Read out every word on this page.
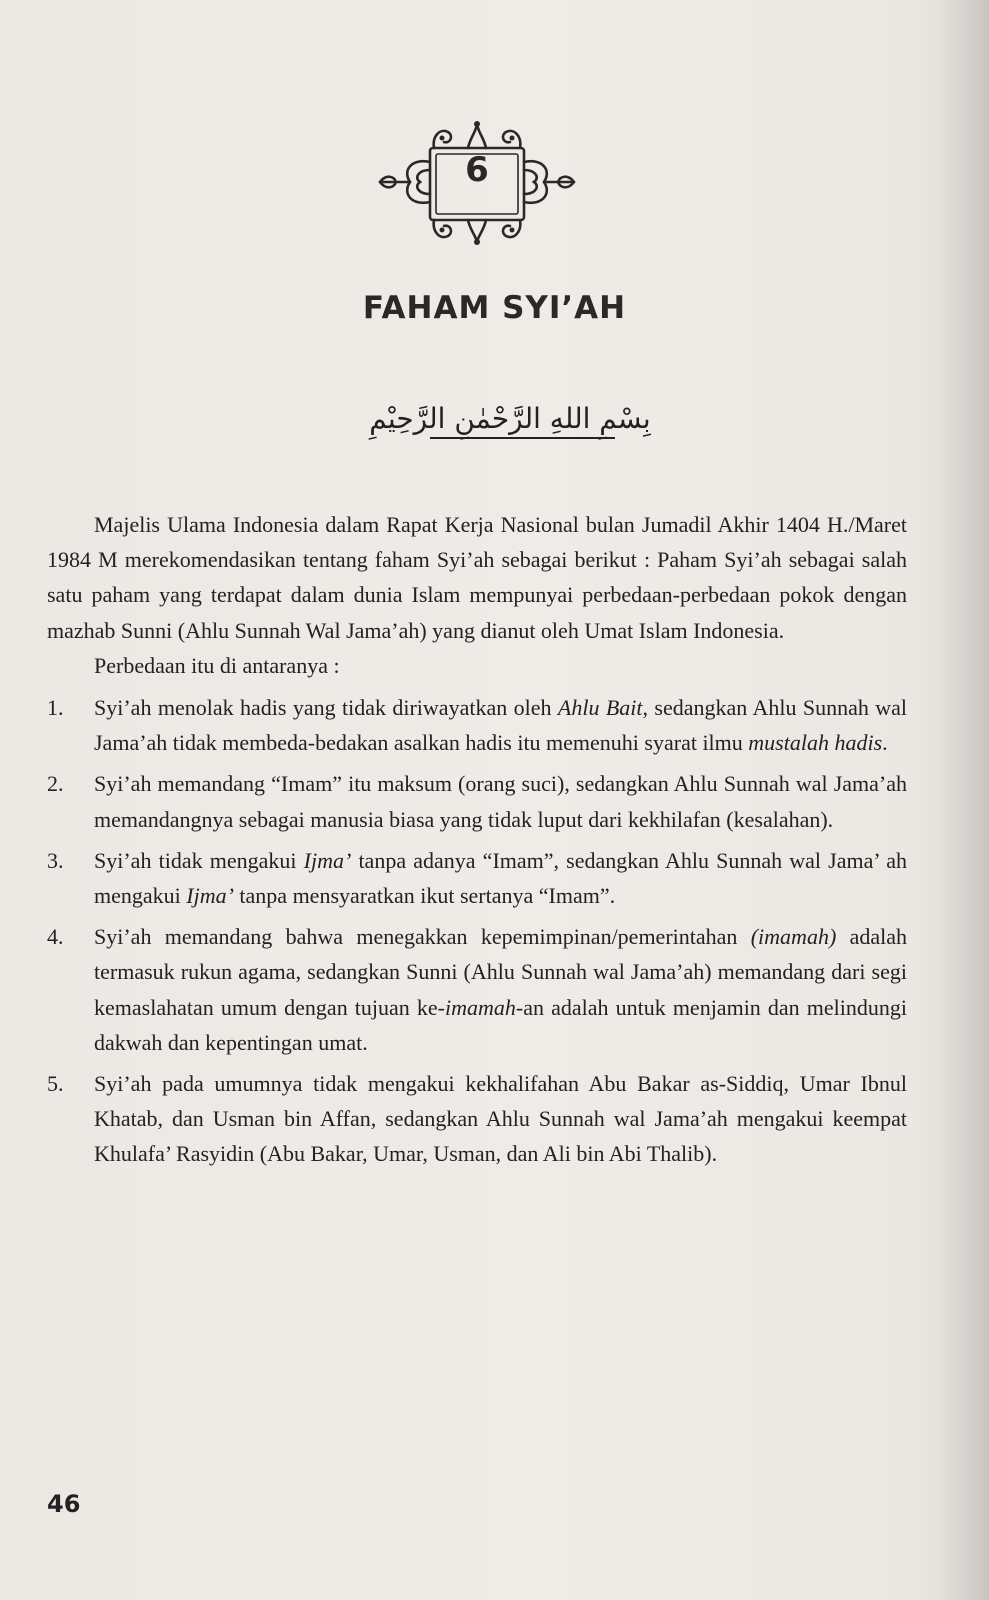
6
FAHAM SYI’AH
بِسْمِ اللهِ الرَّحْمٰنِ الرَّحِيْمِ

Majelis Ulama Indonesia dalam Rapat Kerja Nasional bulan Jumadil Akhir 1404 H./Maret 1984 M merekomendasikan tentang faham Syi’ah sebagai berikut : Paham Syi’ah sebagai salah satu paham yang terdapat dalam dunia Islam mempunyai perbedaan-perbedaan pokok dengan mazhab Sunni (Ahlu Sunnah Wal Jama’ah) yang dianut oleh Umat Islam Indonesia.

Perbedaan itu di antaranya :

1. Syi’ah menolak hadis yang tidak diriwayatkan oleh Ahlu Bait, sedangkan Ahlu Sunnah wal Jama’ah tidak membeda-bedakan asalkan hadis itu memenuhi syarat ilmu mustalah hadis.
2. Syi’ah memandang “Imam” itu maksum (orang suci), sedangkan Ahlu Sunnah wal Jama’ah memandangnya sebagai manusia biasa yang tidak luput dari kekhilafan (kesalahan).
3. Syi’ah tidak mengakui Ijma’ tanpa adanya “Imam”, sedangkan Ahlu Sunnah wal Jama’ ah mengakui Ijma’ tanpa mensyaratkan ikut sertanya “Imam”.
4. Syi’ah memandang bahwa menegakkan kepemimpinan/pemerintahan (imamah) adalah termasuk rukun agama, sedangkan Sunni (Ahlu Sunnah wal Jama’ah) memandang dari segi kemaslahatan umum dengan tujuan ke-imamah-an adalah untuk menjamin dan melindungi dakwah dan kepentingan umat.
5. Syi’ah pada umumnya tidak mengakui kekhalifahan Abu Bakar as-Siddiq, Umar Ibnul Khatab, dan Usman bin Affan, sedangkan Ahlu Sunnah wal Jama’ah mengakui keempat Khulafa’ Rasyidin (Abu Bakar, Umar, Usman, dan Ali bin Abi Thalib).
46
